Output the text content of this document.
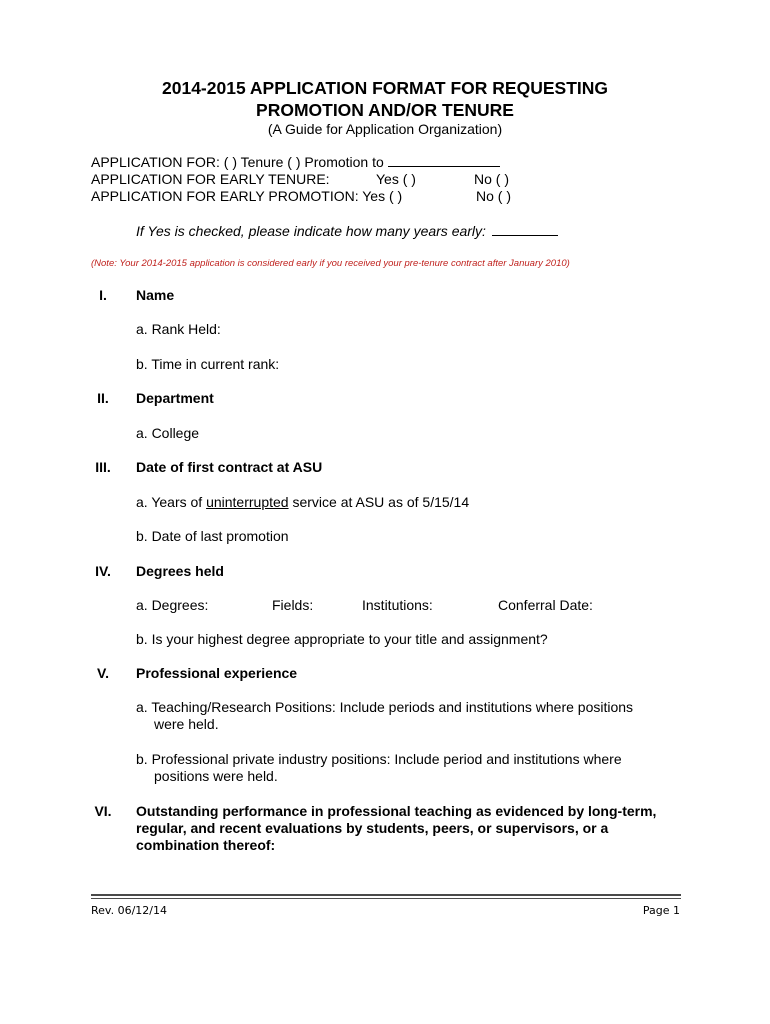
2014-2015 APPLICATION FORMAT FOR REQUESTING
PROMOTION AND/OR TENURE
(A Guide for Application Organization)
APPLICATION FOR: ( ) Tenure ( ) Promotion to
APPLICATION FOR EARLY TENURE:	Yes ( )	No ( )
APPLICATION FOR EARLY PROMOTION: Yes ( )	No ( )
If Yes is checked, please indicate how many years early:
(Note: Your 2014-2015 application is considered early if you received your pre-tenure contract after January 2010)
I.	Name
a. Rank Held:
b. Time in current rank:
II.	Department
a. College
III.	Date of first contract at ASU
a. Years of uninterrupted service at ASU as of 5/15/14
b. Date of last promotion
IV. Degrees held
a. Degrees:	Fields:	Institutions:	Conferral Date:
b. Is your highest degree appropriate to your title and assignment?
V.	Professional experience
a. Teaching/Research Positions: Include periods and institutions where positions
were held.
b. Professional private industry positions: Include period and institutions where
positions were held.
VI. Outstanding performance in professional teaching as evidenced by long-term,
regular, and recent evaluations by students, peers, or supervisors, or a
combination thereof:
Rev. 06/12/14	Page 1
